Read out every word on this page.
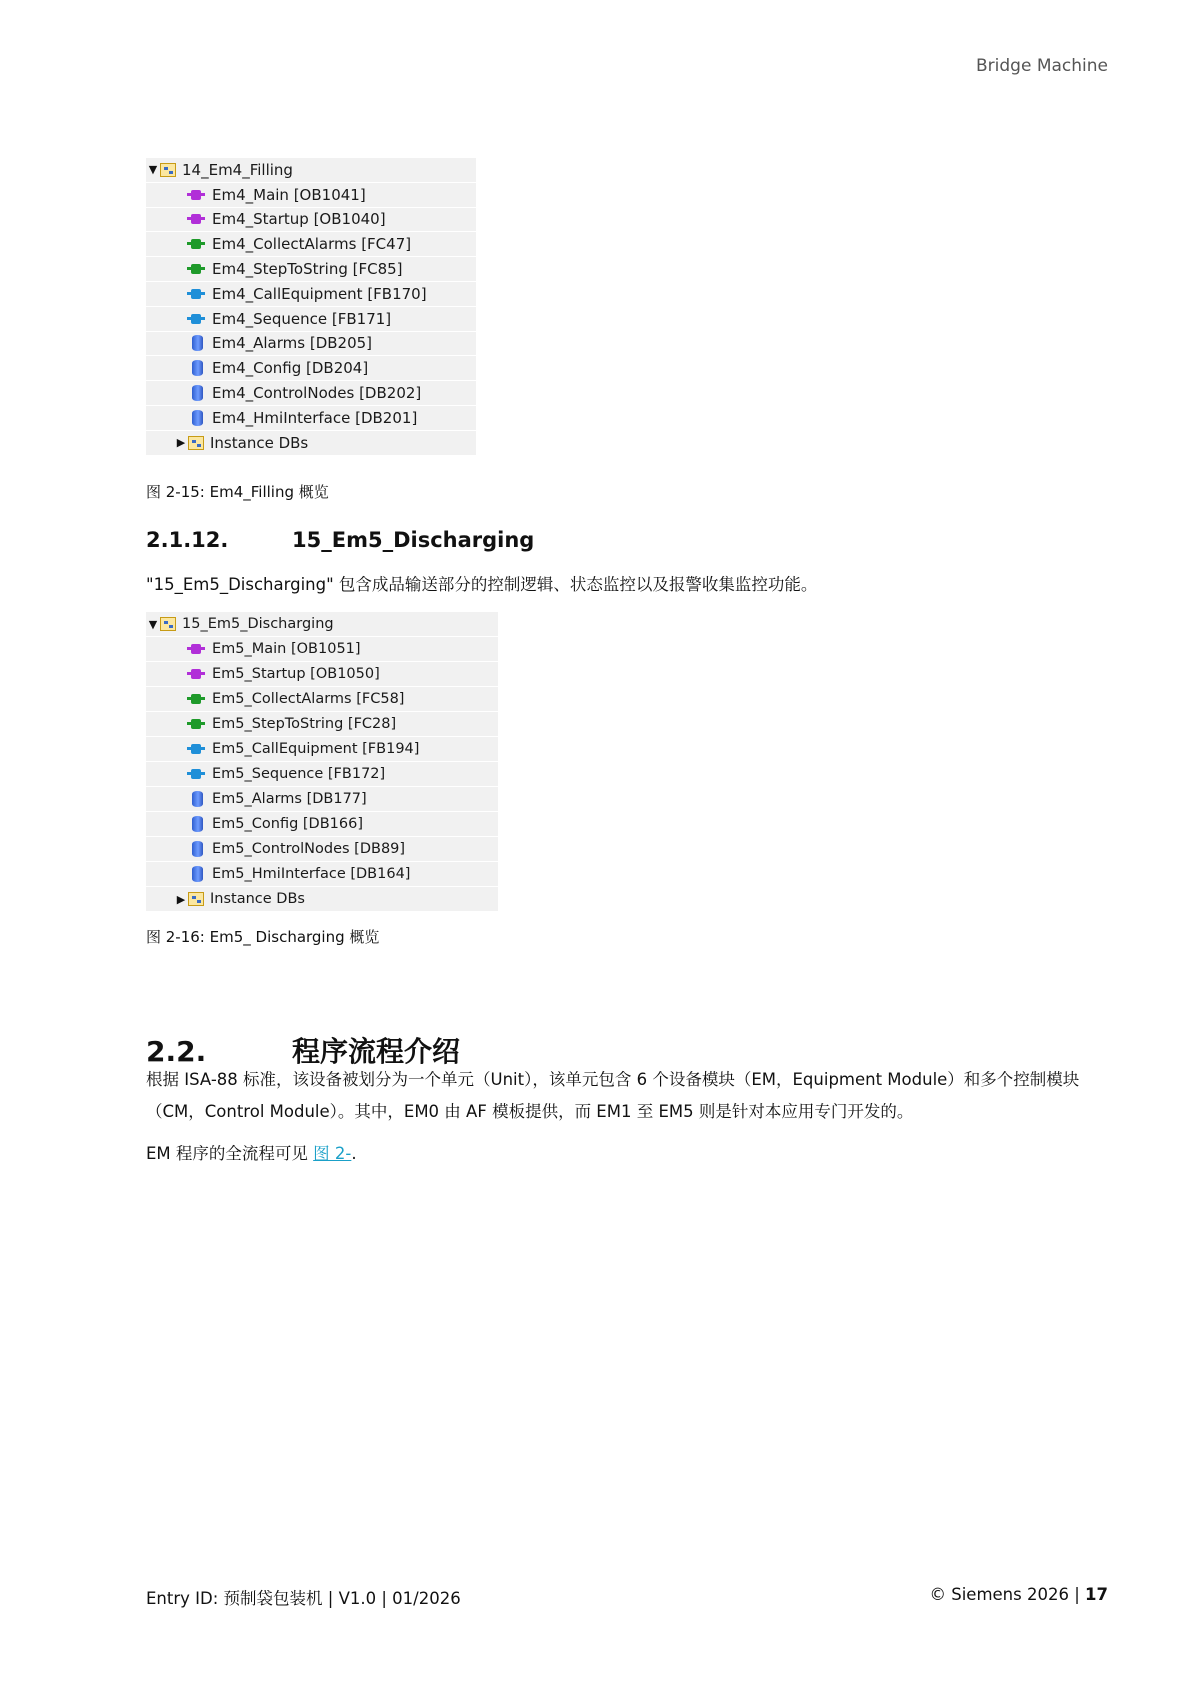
Bridge Machine
▼ 14_Em4_Filling
Em4_Main [OB1041]
Em4_Startup [OB1040]
Em4_CollectAlarms [FC47]
Em4_StepToString [FC85]
Em4_CallEquipment [FB170]
Em4_Sequence [FB171]
Em4_Alarms [DB205]
Em4_Config [DB204]
Em4_ControlNodes [DB202]
Em4_HmiInterface [DB201]
▶ Instance DBs
图 2-15: Em4_Filling 概览
2.1.12.	15_Em5_Discharging
"15_Em5_Discharging" 包含成品输送部分的控制逻辑、状态监控以及报警收集监控功能。
▼ 15_Em5_Discharging
Em5_Main [OB1051]
Em5_Startup [OB1050]
Em5_CollectAlarms [FC58]
Em5_StepToString [FC28]
Em5_CallEquipment [FB194]
Em5_Sequence [FB172]
Em5_Alarms [DB177]
Em5_Config [DB166]
Em5_ControlNodes [DB89]
Em5_HmiInterface [DB164]
▶ Instance DBs
图 2-16: Em5_ Discharging 概览
2.2.	程序流程介绍
根据 ISA-88 标准，该设备被划分为一个单元（Unit），该单元包含 6 个设备模块（EM，Equipment Module）和多个控制模块（CM，Control Module）。其中，EM0 由 AF 模板提供，而 EM1 至 EM5 则是针对本应用专门开发的。
EM 程序的全流程可见 图 2-.
Entry ID: 预制袋包装机 | V1.0 | 01/2026	© Siemens 2026 | 17
